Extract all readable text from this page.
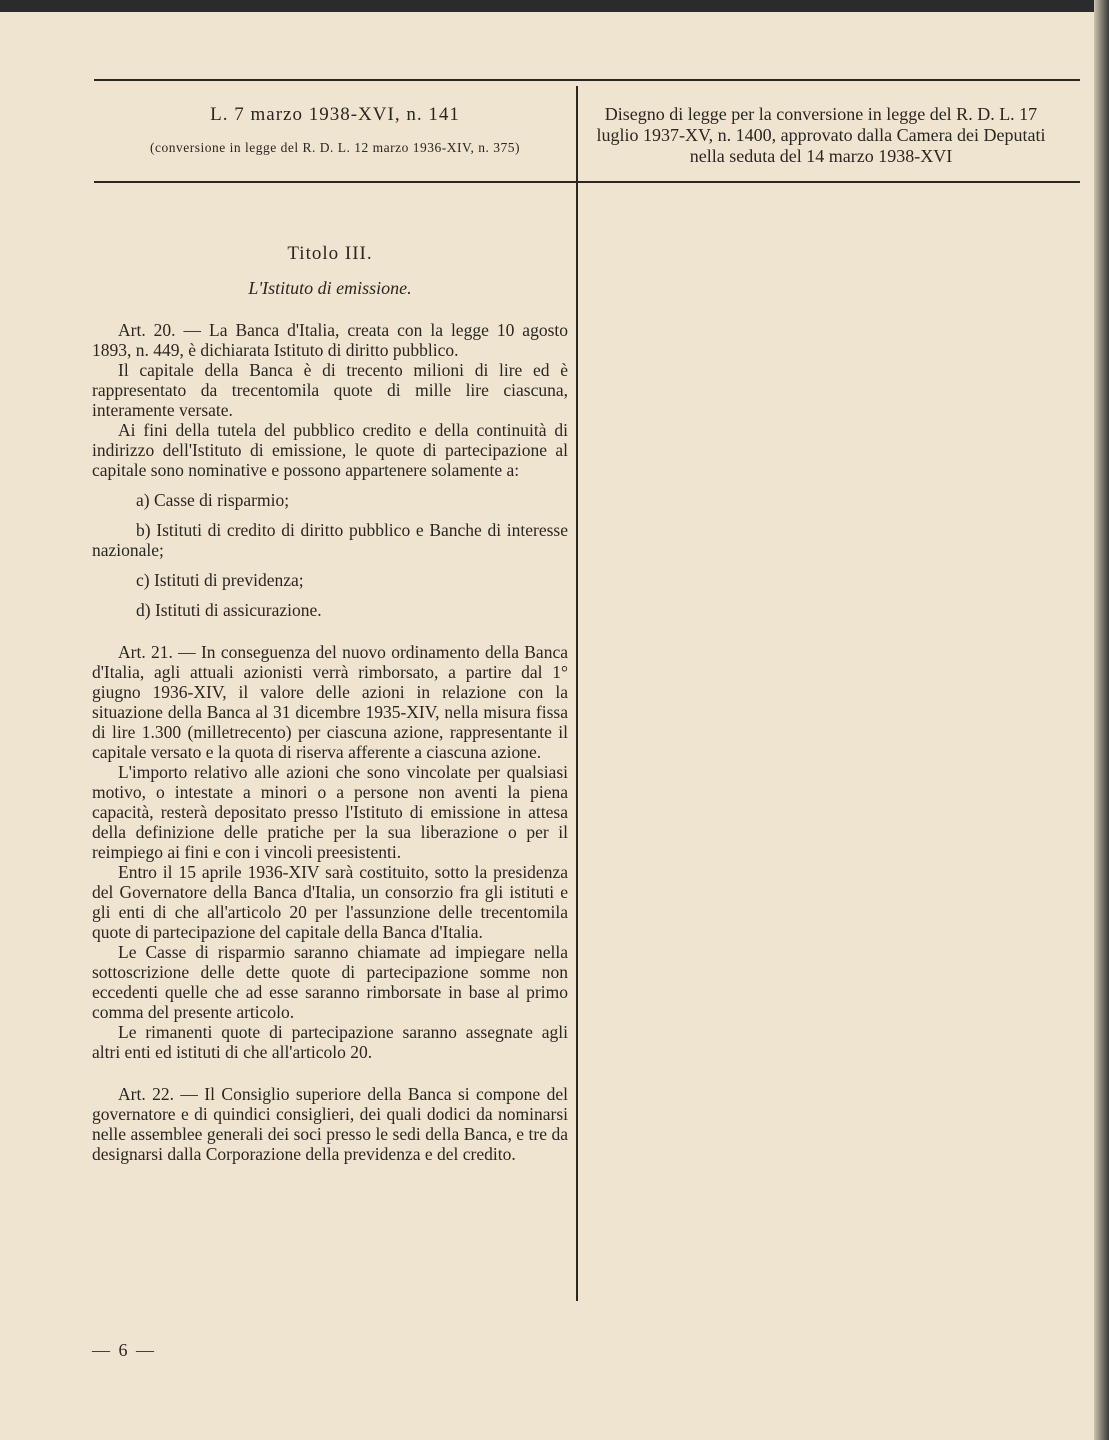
L. 7 marzo 1938-XVI, n. 141
(conversione in legge del R. D. L. 12 marzo 1936-XIV, n. 375)
Disegno di legge per la conversione in legge del R. D. L. 17 luglio 1937-XV, n. 1400, approvato dalla Camera dei Deputati nella seduta del 14 marzo 1938-XVI
Titolo III.
L'Istituto di emissione.

Art. 20. — La Banca d'Italia, creata con la legge 10 agosto 1893, n. 449, è dichiarata Istituto di diritto pubblico.

Il capitale della Banca è di trecento milioni di lire ed è rappresentato da trecentomila quote di mille lire ciascuna, interamente versate.

Ai fini della tutela del pubblico credito e della continuità di indirizzo dell'Istituto di emissione, le quote di partecipazione al capitale sono nominative e possono appartenere solamente a:

a) Casse di risparmio;

b) Istituti di credito di diritto pubblico e Banche di interesse nazionale;

c) Istituti di previdenza;

d) Istituti di assicurazione.

Art. 21. — In conseguenza del nuovo ordinamento della Banca d'Italia, agli attuali azionisti verrà rimborsato, a partire dal 1° giugno 1936-XIV, il valore delle azioni in relazione con la situazione della Banca al 31 dicembre 1935-XIV, nella misura fissa di lire 1.300 (milletrecento) per ciascuna azione, rappresentante il capitale versato e la quota di riserva afferente a ciascuna azione.

L'importo relativo alle azioni che sono vincolate per qualsiasi motivo, o intestate a minori o a persone non aventi la piena capacità, resterà depositato presso l'Istituto di emissione in attesa della definizione delle pratiche per la sua liberazione o per il reimpiego ai fini e con i vincoli preesistenti.

Entro il 15 aprile 1936-XIV sarà costituito, sotto la presidenza del Governatore della Banca d'Italia, un consorzio fra gli istituti e gli enti di che all'articolo 20 per l'assunzione delle trecentomila quote di partecipazione del capitale della Banca d'Italia.

Le Casse di risparmio saranno chiamate ad impiegare nella sottoscrizione delle dette quote di partecipazione somme non eccedenti quelle che ad esse saranno rimborsate in base al primo comma del presente articolo.

Le rimanenti quote di partecipazione saranno assegnate agli altri enti ed istituti di che all'articolo 20.

Art. 22. — Il Consiglio superiore della Banca si compone del governatore e di quindici consiglieri, dei quali dodici da nominarsi nelle assemblee generali dei soci presso le sedi della Banca, e tre da designarsi dalla Corporazione della previdenza e del credito.

— 6 —
